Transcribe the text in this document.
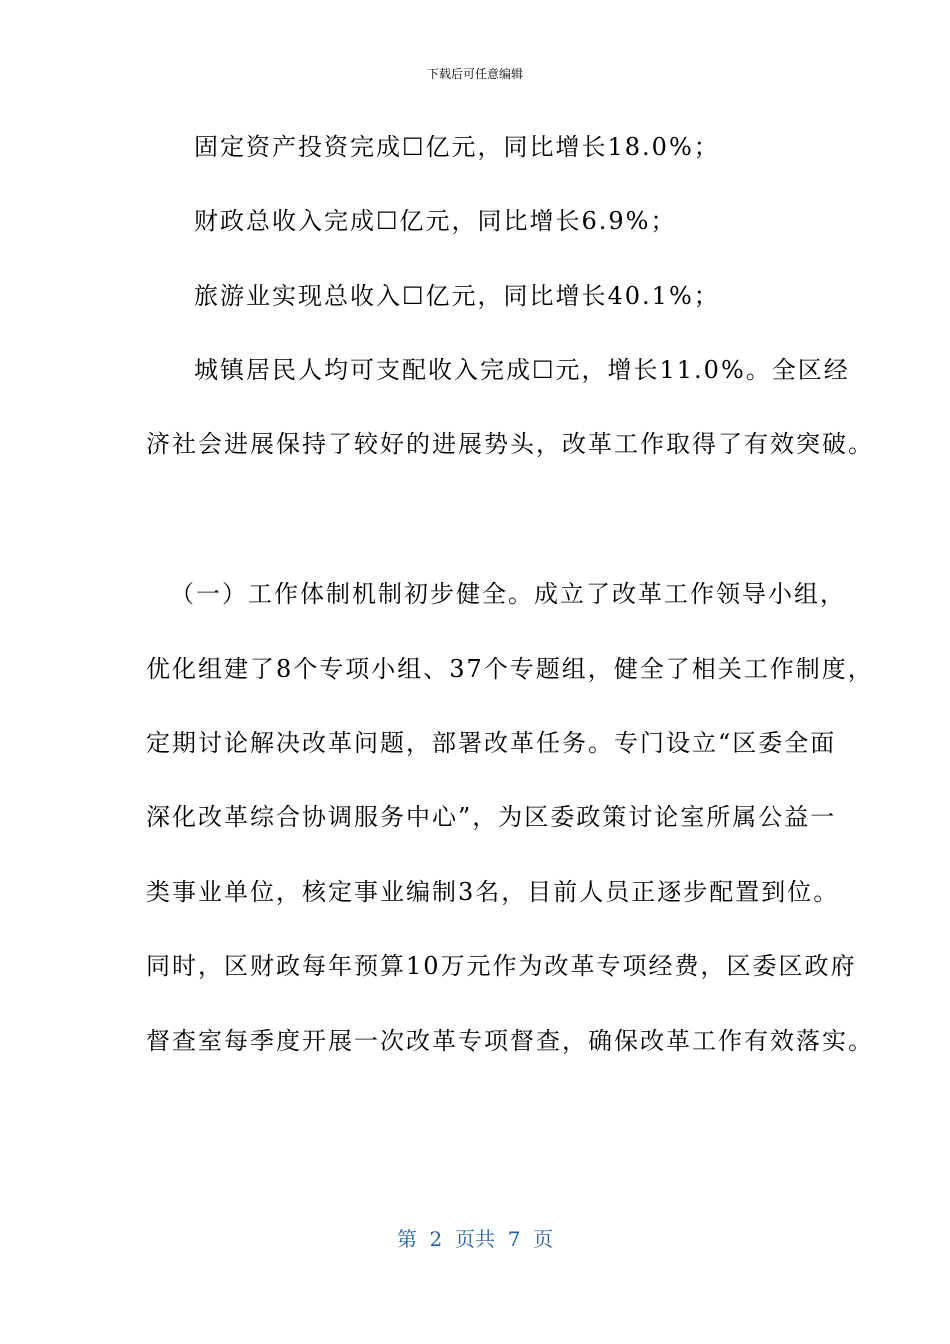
下载后可任意编辑
固定资产投资完成☐亿元，同比增长18.0%；
财政总收入完成☐亿元，同比增长6.9%；
旅游业实现总收入☐亿元，同比增长40.1%；
城镇居民人均可支配收入完成☐元，增长11.0%。全区经
济社会进展保持了较好的进展势头，改革工作取得了有效突破。
（一）工作体制机制初步健全。成立了改革工作领导小组，
优化组建了8个专项小组、37个专题组，健全了相关工作制度，
定期讨论解决改革问题，部署改革任务。专门设立“区委全面
深化改革综合协调服务中心”，为区委政策讨论室所属公益一
类事业单位，核定事业编制3名，目前人员正逐步配置到位。
同时，区财政每年预算10万元作为改革专项经费，区委区政府
督查室每季度开展一次改革专项督查，确保改革工作有效落实。
第  2  页共  7  页
